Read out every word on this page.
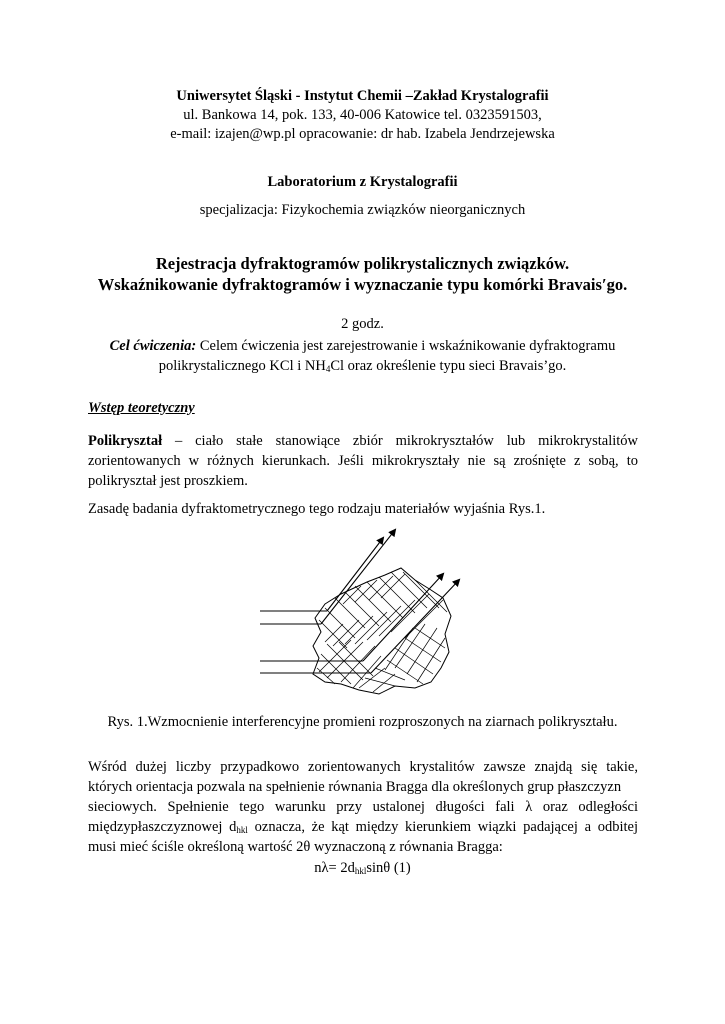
Uniwersytet Śląski - Instytut Chemii –Zakład Krystalografii
ul. Bankowa 14, pok. 133, 40-006 Katowice tel. 0323591503,
e-mail: izajen@wp.pl opracowanie: dr hab. Izabela Jendrzejewska
Laboratorium z Krystalografii
specjalizacja: Fizykochemia związków nieorganicznych
Rejestracja dyfraktogramów polikrystalicznych związków.
Wskaźnikowanie dyfraktogramów i wyznaczanie typu komórki Bravais′go.
2 godz.
Cel ćwiczenia: Celem ćwiczenia jest zarejestrowanie i wskaźnikowanie dyfraktogramu
polikrystalicznego KCl i $NH_4Cl$ oraz określenie typu sieci Bravais’go.
Wstęp teoretyczny
Polikryształ – ciało stałe stanowiące zbiór mikrokryształów lub mikrokrystalitów
zorientowanych w różnych kierunkach. Jeśli mikrokryształy nie są zrośnięte z sobą, to
polikryształ jest proszkiem.
Zasadę badania dyfraktometrycznego tego rodzaju materiałów wyjaśnia Rys.1.
Rys. 1.Wzmocnienie interferencyjne promieni rozproszonych na ziarnach polikryształu.
Wśród dużej liczby przypadkowo zorientowanych krystalitów zawsze znajdą się takie,
których orientacja pozwala na spełnienie równania Bragga dla określonych grup płaszczyzn
sieciowych. Spełnienie tego warunku przy ustalonej długości fali λ oraz odległości
międzypłaszczyznowej $d_{hkl}$ oznacza, że kąt między kierunkiem wiązki padającej a odbitej
musi mieć ściśle określoną wartość 2θ wyznaczoną z równania Bragga:
$n\lambda= 2d_{hkl}\sin\theta$ (1)
